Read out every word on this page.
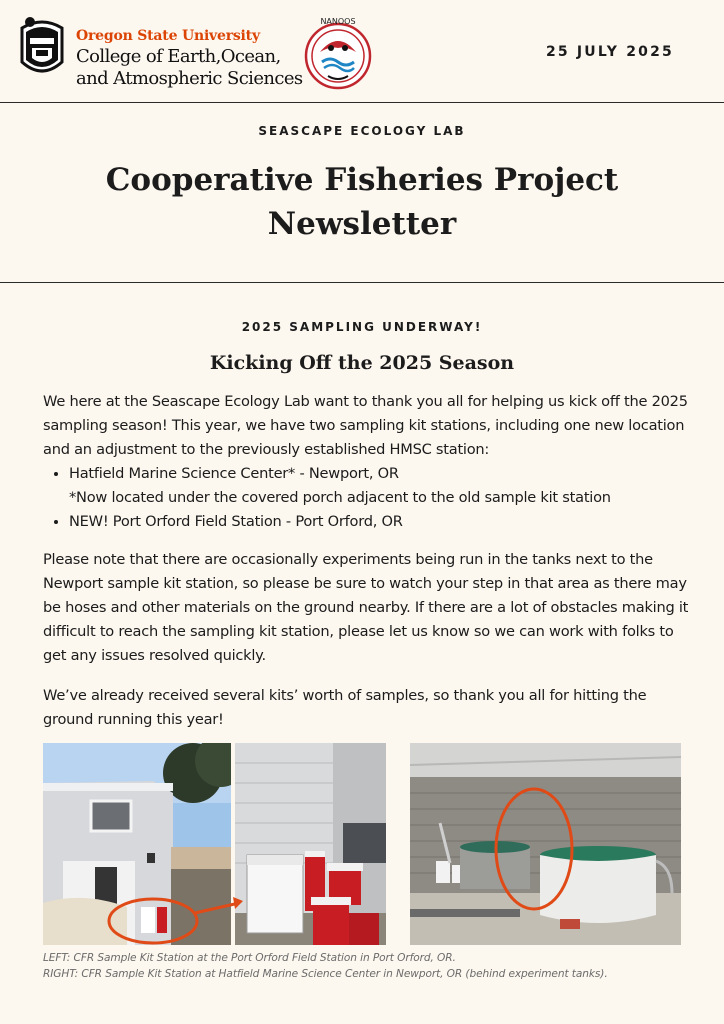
Oregon State University
College of Earth,Ocean,
and Atmospheric Sciences
NANOOS
25 JULY 2025
SEASCAPE ECOLOGY LAB
Cooperative Fisheries Project
Newsletter
2025 SAMPLING UNDERWAY!
Kicking Off the 2025 Season

We here at the Seascape Ecology Lab want to thank you all for helping us kick off the 2025 sampling season! This year, we have two sampling kit stations, including one new location and an adjustment to the previously established HMSC station:

• Hatfield Marine Science Center* - Newport, OR
*Now located under the covered porch adjacent to the old sample kit station
• NEW! Port Orford Field Station - Port Orford, OR
Please note that there are occasionally experiments being run in the tanks next to the Newport sample kit station, so please be sure to watch your step in that area as there may be hoses and other materials on the ground nearby. If there are a lot of obstacles making it difficult to reach the sampling kit station, please let us know so we can work with folks to get any issues resolved quickly.
We’ve already received several kits’ worth of samples, so thank you all for hitting the ground running this year!
LEFT: CFR Sample Kit Station at the Port Orford Field Station in Port Orford, OR.
RIGHT: CFR Sample Kit Station at Hatfield Marine Science Center in Newport, OR (behind experiment tanks).
